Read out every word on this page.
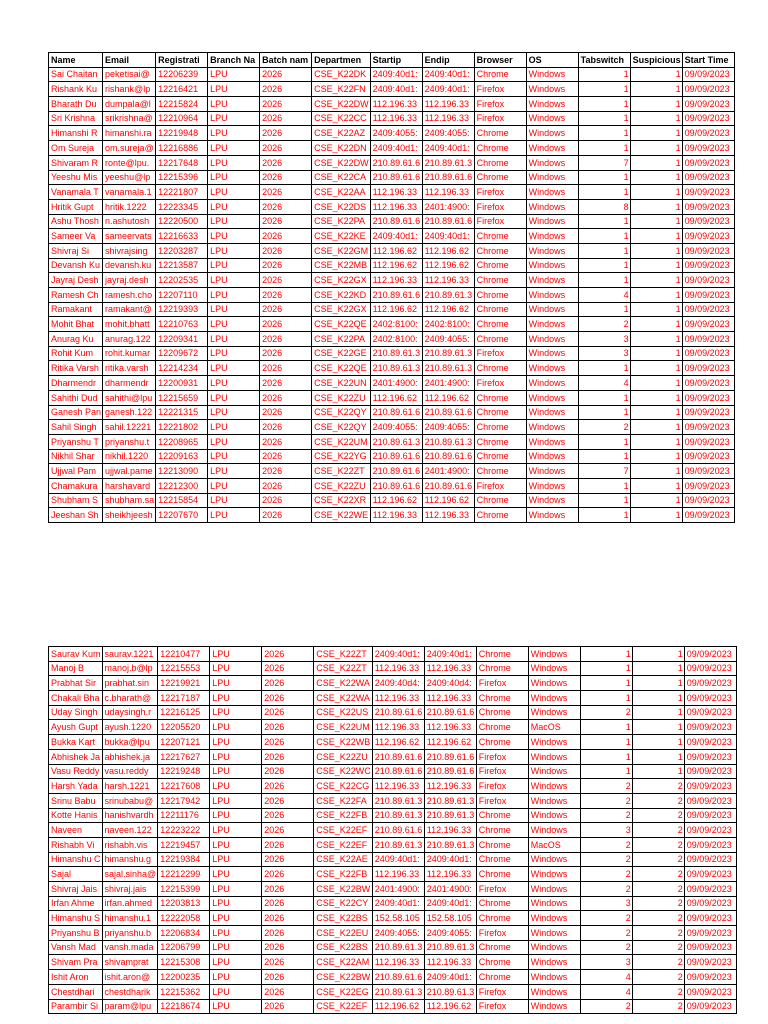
Name	Email	Registrati	Branch Na	Batch nam	Departmen	Startip	Endip	Browser	OS	Tabswitch	Suspicious	Start Time
Sai Chaitan	peketisai@	12206239	LPU	2026	CSE_K22DK	2409:40d1:	2409:40d1:	Chrome	Windows	1	1	09/09/2023
Rishank Ku	rishank@lp	12216421	LPU	2026	CSE_K22FN	2409:40d1:	2409:40d1:	Firefox	Windows	1	1	09/09/2023
Bharath Du	dumpala@l	12215824	LPU	2026	CSE_K22DW	112.196.33	112.196.33	Firefox	Windows	1	1	09/09/2023
Sri Krishna	srikrishna@	12210964	LPU	2026	CSE_K22CC	112.196.33	112.196.33	Firefox	Windows	1	1	09/09/2023
Himanshi R	himanshi.ra	12219948	LPU	2026	CSE_K22AZ	2409:4055:	2409:4055:	Chrome	Windows	1	1	09/09/2023
Om Sureja	om.sureja@	12216886	LPU	2026	CSE_K22DN	2409:40d1:	2409:40d1:	Chrome	Windows	1	1	09/09/2023
Shivaram R	ronte@lpu.	12217648	LPU	2026	CSE_K22DW	210.89.61.6	210.89.61.3	Chrome	Windows	7	1	09/09/2023
Yeeshu Mis	yeeshu@lp	12215396	LPU	2026	CSE_K22CA	210.89.61.6	210.89.61.6	Chrome	Windows	1	1	09/09/2023
Vanamala T	vanamala.1	12221807	LPU	2026	CSE_K22AA	112.196.33	112.196.33	Firefox	Windows	1	1	09/09/2023
Hritik Gupt	hritik.1222	12223345	LPU	2026	CSE_K22DS	112.196.33	2401:4900:	Firefox	Windows	8	1	09/09/2023
Ashu Thosh	n.ashutosh	12220500	LPU	2026	CSE_K22PA	210.89.61.6	210.89.61.6	Firefox	Windows	1	1	09/09/2023
Sameer Va	sameervats	12216633	LPU	2026	CSE_K22KE	2409:40d1:	2409:40d1:	Chrome	Windows	1	1	09/09/2023
Shivraj Si	shivrajsing	12203287	LPU	2026	CSE_K22GM	112.196.62	112.196.62	Chrome	Windows	1	1	09/09/2023
Devansh Ku	devansh.ku	12213587	LPU	2026	CSE_K22MB	112.196.62	112.196.62	Chrome	Windows	1	1	09/09/2023
Jayraj Desh	jayraj.desh	12202535	LPU	2026	CSE_K22GX	112.196.33	112.196.33	Chrome	Windows	1	1	09/09/2023
Ramesh Ch	ramesh.cho	12207110	LPU	2026	CSE_K22KD	210.89.61.6	210.89.61.3	Chrome	Windows	4	1	09/09/2023
Ramakant	ramakant@	12219393	LPU	2026	CSE_K22GX	112.196.62	112.196.62	Chrome	Windows	1	1	09/09/2023
Mohit Bhat	mohit.bhatt	12210763	LPU	2026	CSE_K22QE	2402:8100:	2402:8100:	Chrome	Windows	2	1	09/09/2023
Anurag Ku	anurag.122	12209341	LPU	2026	CSE_K22PA	2402:8100:	2409:4055:	Chrome	Windows	3	1	09/09/2023
Rohit Kum	rohit.kumar	12209672	LPU	2026	CSE_K22GE	210.89.61.3	210.89.61.3	Firefox	Windows	3	1	09/09/2023
Ritika Varsh	ritika.varsh	12214234	LPU	2026	CSE_K22QE	210.89.61.3	210.89.61.3	Chrome	Windows	1	1	09/09/2023
Dharmendr	dharmendr	12200931	LPU	2026	CSE_K22UN	2401:4900:	2401:4900:	Firefox	Windows	4	1	09/09/2023
Sahithi Dud	sahithi@lpu	12215659	LPU	2026	CSE_K22ZU	112.196.62	112.196.62	Chrome	Windows	1	1	09/09/2023
Ganesh Pan	ganesh.122	12221315	LPU	2026	CSE_K22QY	210.89.61.6	210.89.61.6	Chrome	Windows	1	1	09/09/2023
Sahil Singh	sahil.12221	12221802	LPU	2026	CSE_K22QY	2409:4055:	2409:4055:	Chrome	Windows	2	1	09/09/2023
Priyanshu T	priyanshu.t	12208965	LPU	2026	CSE_K22UM	210.89.61.3	210.89.61.3	Chrome	Windows	1	1	09/09/2023
Nikhil Shar	nikhil.1220	12209163	LPU	2026	CSE_K22YG	210.89.61.6	210.89.61.6	Chrome	Windows	1	1	09/09/2023
Ujjwal Pam	ujjwal.pame	12213090	LPU	2026	CSE_K22ZT	210.89.61.6	2401:4900:	Chrome	Windows	7	1	09/09/2023
Chamakura	harshavard	12212300	LPU	2026	CSE_K22ZU	210.89.61.6	210.89.61.6	Firefox	Windows	1	1	09/09/2023
Shubham S	shubham.sa	12215854	LPU	2026	CSE_K22XR	112.196.62	112.196.62	Chrome	Windows	1	1	09/09/2023
Jeeshan Sh	sheikhjeesh	12207670	LPU	2026	CSE_K22WE	112.196.33	112.196.33	Chrome	Windows	1	1	09/09/2023
Saurav Kum	saurav.1221	12210477	LPU	2026	CSE_K22ZT	2409:40d1:	2409:40d1:	Chrome	Windows	1	1	09/09/2023
Manoj B	manoj.b@lp	12215553	LPU	2026	CSE_K22ZT	112.196.33	112.196.33	Chrome	Windows	1	1	09/09/2023
Prabhat Sir	prabhat.sin	12219921	LPU	2026	CSE_K22WA	2409:40d4:	2409:40d4:	Firefox	Windows	1	1	09/09/2023
Chakali Bha	c.bharath@	12217187	LPU	2026	CSE_K22WA	112.196.33	112.196.33	Chrome	Windows	1	1	09/09/2023
Uday Singh	udaysingh.r	12216125	LPU	2026	CSE_K22US	210.89.61.6	210.89.61.6	Chrome	Windows	2	1	09/09/2023
Ayush Gupt	ayush.1220	12205520	LPU	2026	CSE_K22UM	112.196.33	112.196.33	Chrome	MacOS	1	1	09/09/2023
Bukka Kart	bukka@lpu	12207121	LPU	2026	CSE_K22WB	112.196.62	112.196.62	Chrome	Windows	1	1	09/09/2023
Abhishek Ja	abhishek.ja	12217627	LPU	2026	CSE_K22ZU	210.89.61.6	210.89.61.6	Firefox	Windows	1	1	09/09/2023
Vasu Reddy	vasu.reddy	12219248	LPU	2026	CSE_K22WC	210.89.61.6	210.89.61.6	Firefox	Windows	1	1	09/09/2023
Harsh Yada	harsh.1221	12217608	LPU	2026	CSE_K22CG	112.196.33	112.196.33	Firefox	Windows	2	2	09/09/2023
Srinu Babu	srinubabu@	12217942	LPU	2026	CSE_K22FA	210.89.61.3	210.89.61.3	Firefox	Windows	2	2	09/09/2023
Kotte Hanis	hanishvardh	12211176	LPU	2026	CSE_K22FB	210.89.61.3	210.89.61.3	Chrome	Windows	2	2	09/09/2023
Naveen	naveen.122	12223222	LPU	2026	CSE_K22EF	210.89.61.6	112.196.33	Chrome	Windows	3	2	09/09/2023
Rishabh Vi	rishabh.vis	12219457	LPU	2026	CSE_K22EF	210.89.61.3	210.89.61.3	Chrome	MacOS	2	2	09/09/2023
Himanshu C	himanshu.g	12219384	LPU	2026	CSE_K22AE	2409:40d1:	2409:40d1:	Chrome	Windows	2	2	09/09/2023
Sajal	sajal.sinha@	12212299	LPU	2026	CSE_K22FB	112.196.33	112.196.33	Chrome	Windows	2	2	09/09/2023
Shivraj Jais	shivraj.jais	12215399	LPU	2026	CSE_K22BW	2401:4900:	2401:4900:	Firefox	Windows	2	2	09/09/2023
Irfan Ahme	irfan.ahmed	12203813	LPU	2026	CSE_K22CY	2409:40d1:	2409:40d1:	Chrome	Windows	3	2	09/09/2023
Himanshu S	himanshu.1	12222058	LPU	2026	CSE_K22BS	152.58.105	152.58.105	Chrome	Windows	2	2	09/09/2023
Priyanshu B	priyanshu.b	12206834	LPU	2026	CSE_K22EU	2409:4055:	2409:4055:	Firefox	Windows	2	2	09/09/2023
Vansh Mad	vansh.mada	12206799	LPU	2026	CSE_K22BS	210.89.61.3	210.89.61.3	Chrome	Windows	2	2	09/09/2023
Shivam Pra	shivamprat	12215308	LPU	2026	CSE_K22AM	112.196.33	112.196.33	Chrome	Windows	3	2	09/09/2023
Ishit Aron	ishit.aron@	12200235	LPU	2026	CSE_K22BW	210.89.61.6	2409:40d1:	Chrome	Windows	4	2	09/09/2023
Chestdhari	chestdharik	12215362	LPU	2026	CSE_K22EG	210.89.61.3	210.89.61.3	Firefox	Windows	4	2	09/09/2023
Parambir Si	param@lpu	12218674	LPU	2026	CSE_K22EF	112.196.62	112.196.62	Firefox	Windows	2	2	09/09/2023
